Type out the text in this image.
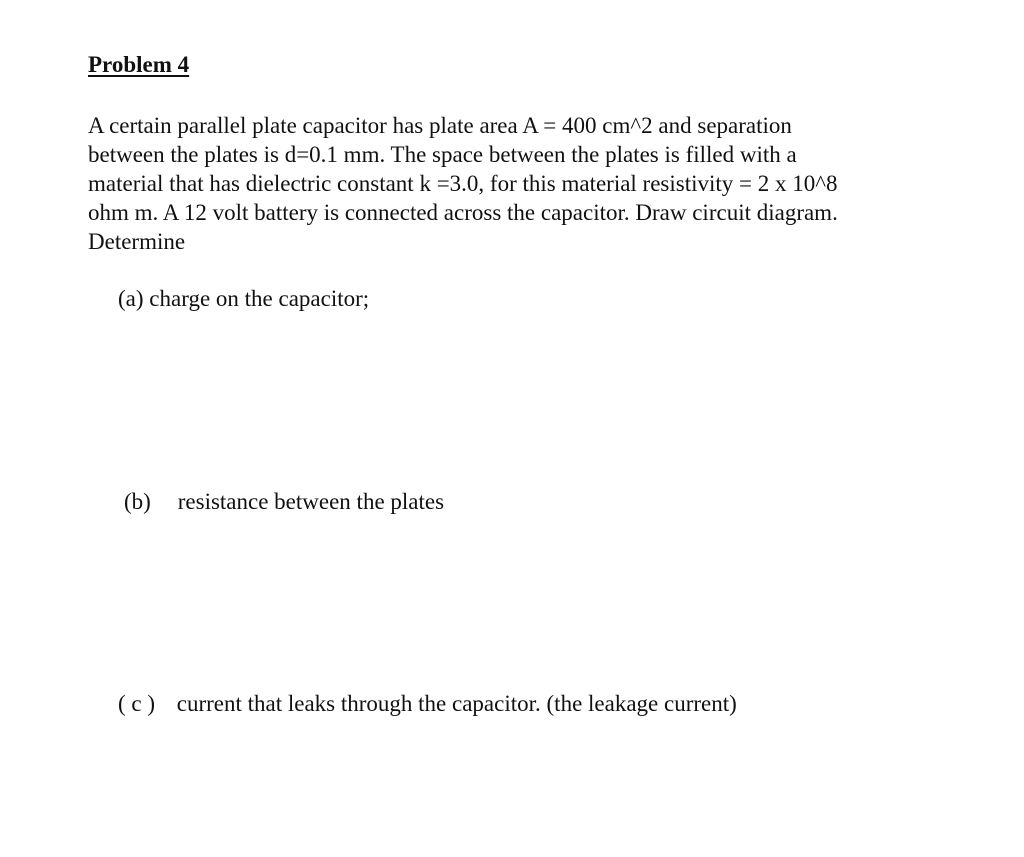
Problem 4

A certain parallel plate capacitor has plate area A = 400 cm^2 and separation
between the plates is d=0.1 mm. The space between the plates is filled with a
material that has dielectric constant k =3.0, for this material resistivity = 2 x 10^8
ohm m. A 12 volt battery is connected across the capacitor. Draw circuit diagram.
Determine

(a) charge on the capacitor;

(b) resistance between the plates

( c ) current that leaks through the capacitor. (the leakage current)
